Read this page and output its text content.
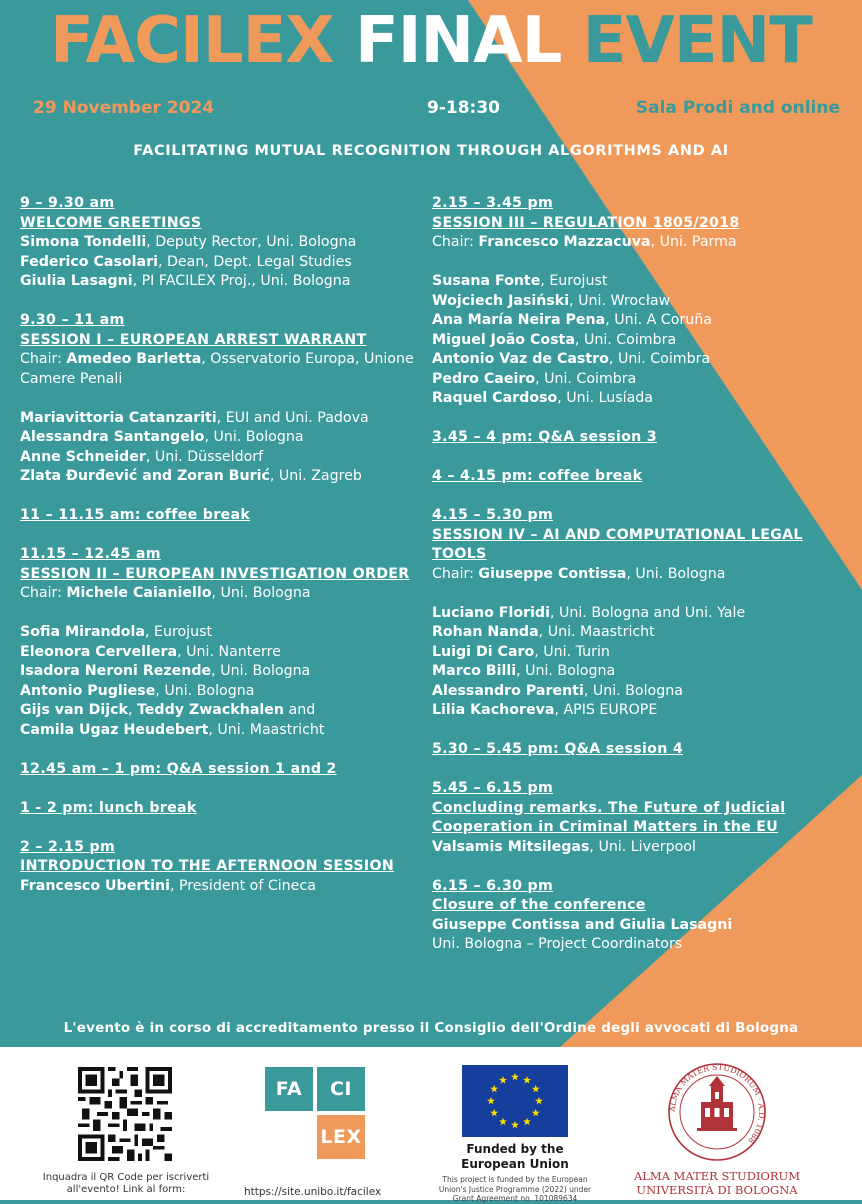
FACILEX FINAL EVENT
29 November 2024	9-18:30	Sala Prodi and online
FACILITATING MUTUAL RECOGNITION THROUGH ALGORITHMS AND AI
9 – 9.30 am
WELCOME GREETINGS
Simona Tondelli, Deputy Rector, Uni. Bologna
Federico Casolari, Dean, Dept. Legal Studies
Giulia Lasagni, PI FACILEX Proj., Uni. Bologna
9.30 – 11 am
SESSION I – EUROPEAN ARREST WARRANT
Chair: Amedeo Barletta, Osservatorio Europa, Unione Camere Penali
Mariavittoria Catanzariti, EUI and Uni. Padova
Alessandra Santangelo, Uni. Bologna
Anne Schneider, Uni. Düsseldorf
Zlata Đurđević and Zoran Burić, Uni. Zagreb
11 – 11.15 am: coffee break
11.15 – 12.45 am
SESSION II – EUROPEAN INVESTIGATION ORDER
Chair: Michele Caianiello, Uni. Bologna
Sofia Mirandola, Eurojust
Eleonora Cervellera, Uni. Nanterre
Isadora Neroni Rezende, Uni. Bologna
Antonio Pugliese, Uni. Bologna
Gijs van Dijck, Teddy Zwackhalen and
Camila Ugaz Heudebert, Uni. Maastricht
12.45 am – 1 pm: Q&A session 1 and 2
1 - 2 pm: lunch break
2 – 2.15 pm
INTRODUCTION TO THE AFTERNOON SESSION
Francesco Ubertini, President of Cineca
2.15 – 3.45 pm
SESSION III – REGULATION 1805/2018
Chair: Francesco Mazzacuva, Uni. Parma
Susana Fonte, Eurojust
Wojciech Jasiński, Uni. Wrocław
Ana María Neira Pena, Uni. A Coruña
Miguel João Costa, Uni. Coimbra
Antonio Vaz de Castro, Uni. Coimbra
Pedro Caeiro, Uni. Coimbra
Raquel Cardoso, Uni. Lusíada
3.45 – 4 pm: Q&A session 3
4 – 4.15 pm: coffee break
4.15 – 5.30 pm
SESSION IV – AI AND COMPUTATIONAL LEGAL TOOLS
Chair: Giuseppe Contissa, Uni. Bologna
Luciano Floridi, Uni. Bologna and Uni. Yale
Rohan Nanda, Uni. Maastricht
Luigi Di Caro, Uni. Turin
Marco Billi, Uni. Bologna
Alessandro Parenti, Uni. Bologna
Lilia Kachoreva, APIS EUROPE
5.30 – 5.45 pm: Q&A session 4
5.45 – 6.15 pm
Concluding remarks. The Future of Judicial Cooperation in Criminal Matters in the EU
Valsamis Mitsilegas, Uni. Liverpool
6.15 – 6.30 pm
Closure of the conference
Giuseppe Contissa and Giulia Lasagni
Uni. Bologna – Project Coordinators
L'evento è in corso di accreditamento presso il Consiglio dell'Ordine degli avvocati di Bologna
Inquadra il QR Code per iscriverti all'evento! Link al form:
FA	CI
LEX
https://site.unibo.it/facilex
Funded by the European Union
This project is funded by the European Union's Justice Programme (2022) under Grant Agreement no. 101089634
ALMA MATER STUDIORUM · A.D. 1088
ALMA MATER STUDIORUM UNIVERSITÀ DI BOLOGNA
